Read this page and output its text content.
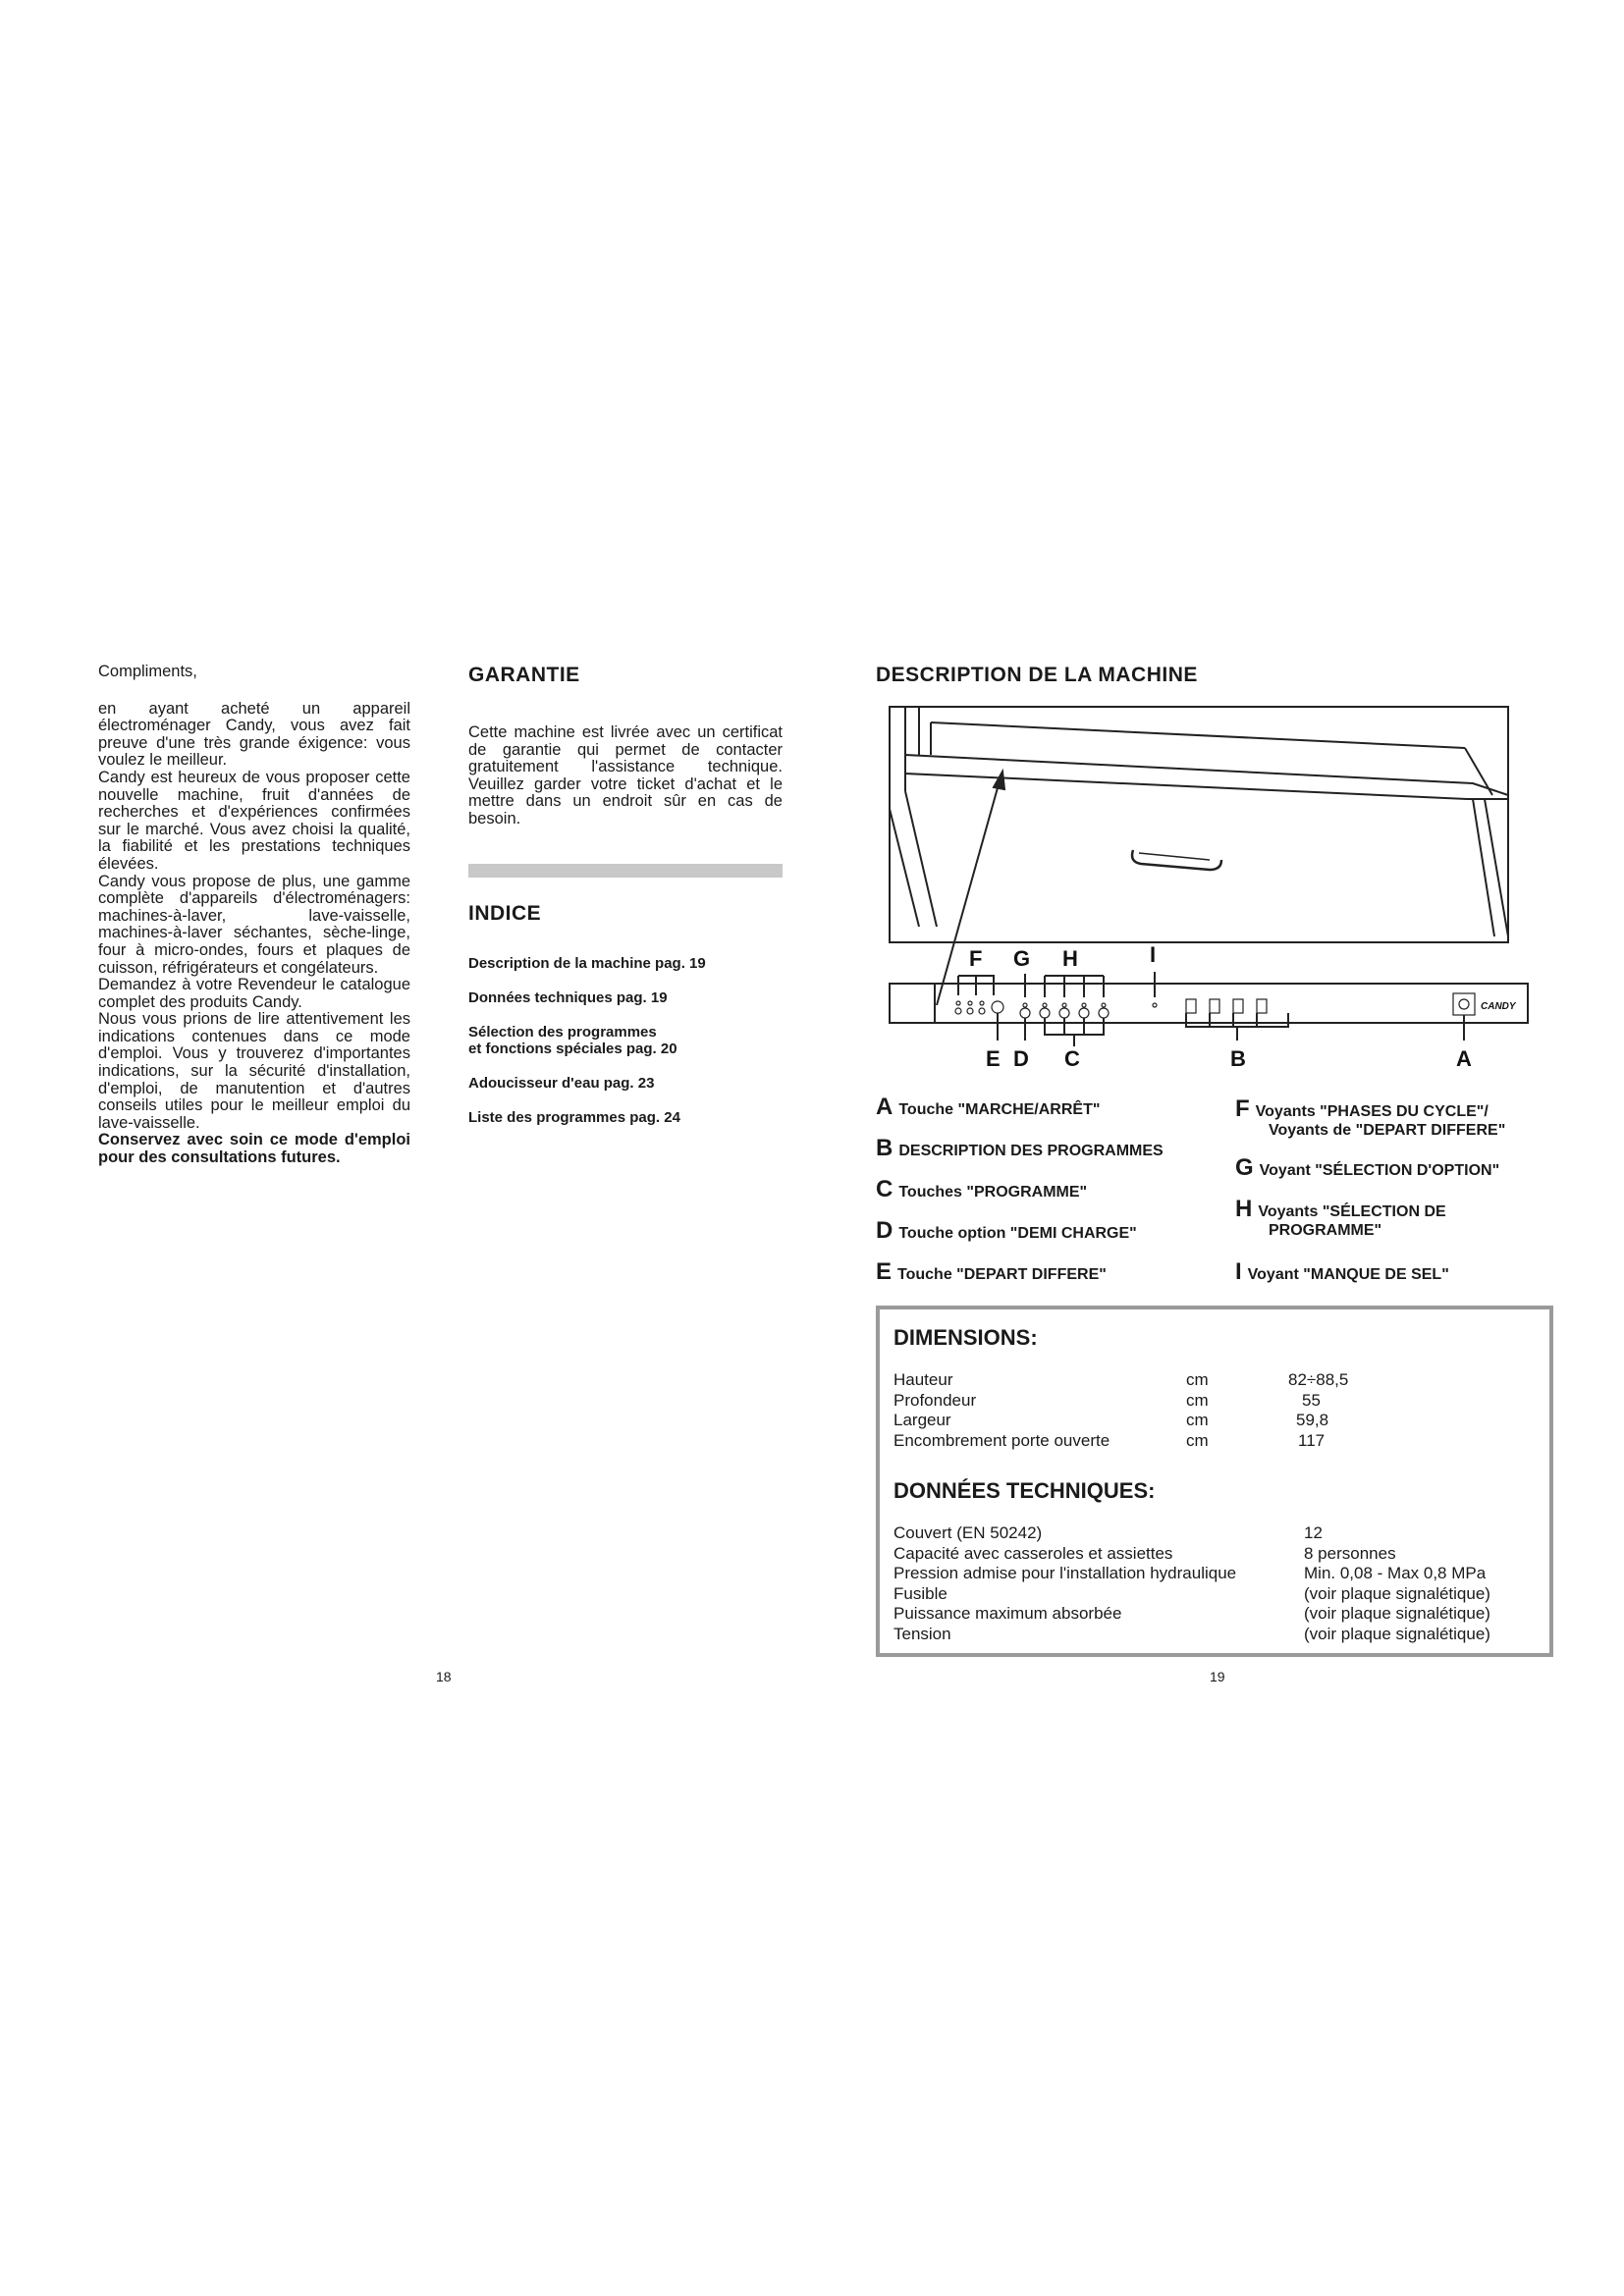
Compliments,

en ayant acheté un appareil électroménager Candy, vous avez fait preuve d'une très grande éxigence: vous voulez le meilleur.

Candy est heureux de vous proposer cette nouvelle machine, fruit d'années de recherches et d'expériences confirmées sur le marché. Vous avez choisi la qualité, la fiabilité et les prestations techniques élevées.

Candy vous propose de plus, une gamme complète d'appareils d'électroménagers: machines-à-laver, lave-vaisselle, machines-à-laver séchantes, sèche-linge, four à micro-ondes, fours et plaques de cuisson, réfrigérateurs et congélateurs.

Demandez à votre Revendeur le catalogue complet des produits Candy.

Nous vous prions de lire attentivement les indications contenues dans ce mode d'emploi. Vous y trouverez d'importantes indications, sur la sécurité d'installation, d'emploi, de manutention et d'autres conseils utiles pour le meilleur emploi du lave-vaisselle.

Conservez avec soin ce mode d'emploi pour des consultations futures.

GARANTIE
Cette machine est livrée avec un certificat de garantie qui permet de contacter gratuitement l'assistance technique. Veuillez garder votre ticket d'achat et le mettre dans un endroit sûr en cas de besoin.
INDICE
Description de la machine pag. 19
Données techniques pag. 19
Sélection des programmes
et fonctions spéciales pag. 20
Adoucisseur d'eau pag. 23
Liste des programmes pag. 24
18
DESCRIPTION DE LA MACHINE
F G H	I
CANDY
E D C	B	A
A Touche "MARCHE/ARRÊT"
BDESCRIPTION DES PROGRAMMES
C Touches "PROGRAMME"
D Touche option "DEMI CHARGE"
E Touche "DEPART DIFFERE"
F Voyants "PHASES DU CYCLE"/
Voyants de "DEPART DIFFERE"
G Voyant "SÉLECTION D'OPTION"
H Voyants "SÉLECTION DE
PROGRAMME"
I Voyant "MANQUE DE SEL"
DIMENSIONS:
Hauteur	cm	82÷88,5
Profondeur	cm	55
Largeur	cm	59,8
Encombrement porte ouverte	cm	117
DONNÉES TECHNIQUES:
Couvert (EN 50242)	12
Capacité avec casseroles et assiettes	8 personnes
Pression admise pour l'installation hydraulique	Min. 0,08 - Max 0,8 MPa
Fusible	(voir plaque signalétique)
Puissance maximum absorbée	(voir plaque signalétique)
Tension	(voir plaque signalétique)
19
